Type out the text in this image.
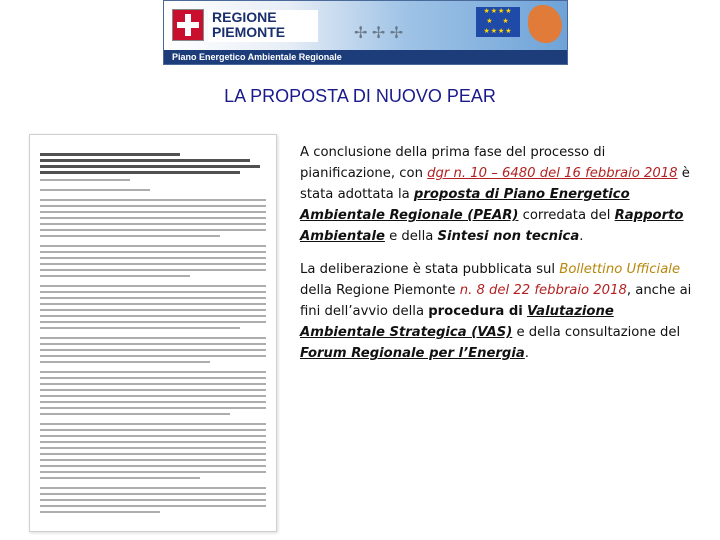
REGIONE
PIEMONTE	✢ ✢ ✢
★★★★
★   ★
★★★★
Piano Energetico Ambientale Regionale
LA PROPOSTA DI NUOVO PEAR

A conclusione della prima fase del processo di pianificazione, con dgr n. 10 – 6480 del 16 febbraio 2018 è stata adottata la proposta di Piano Energetico Ambientale Regionale (PEAR) corredata del Rapporto Ambientale e della Sintesi non tecnica.

La deliberazione è stata pubblicata sul Bollettino Ufficiale della Regione Piemonte n. 8 del 22 febbraio 2018, anche ai fini dell’avvio della procedura di Valutazione Ambientale Strategica (VAS) e della consultazione del Forum Regionale per l’Energia.
